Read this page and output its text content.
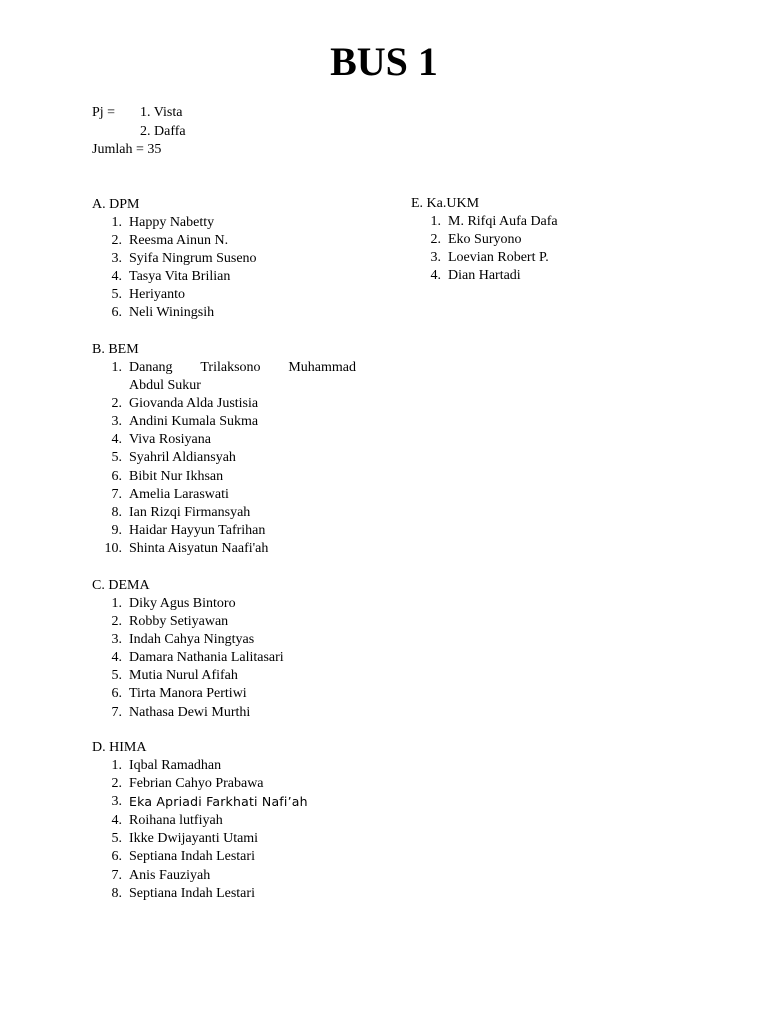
BUS 1
Pj = 1. Vista
2. Daffa
Jumlah = 35
A. DPM
1. Happy Nabetty
2. Reesma Ainun N.
3. Syifa Ningrum Suseno
4. Tasya Vita Brilian
5. Heriyanto
6. Neli Winingsih
B. BEM
1. Danang Trilaksono Muhammad
Abdul Sukur
2. Giovanda Alda Justisia
3. Andini Kumala Sukma
4. Viva Rosiyana
5. Syahril Aldiansyah
6. Bibit Nur Ikhsan
7. Amelia Laraswati
8. Ian Rizqi Firmansyah
9. Haidar Hayyun Tafrihan
10. Shinta Aisyatun Naafi'ah
C. DEMA
1. Diky Agus Bintoro
2. Robby Setiyawan
3. Indah Cahya Ningtyas
4. Damara Nathania Lalitasari
5. Mutia Nurul Afifah
6. Tirta Manora Pertiwi
7. Nathasa Dewi Murthi
D. HIMA
1. Iqbal Ramadhan
2. Febrian Cahyo Prabawa
3. Eka Apriadi Farkhati Nafi’ah
4. Roihana lutfiyah
5. Ikke Dwijayanti Utami
6. Septiana Indah Lestari
7. Anis Fauziyah
8. Septiana Indah Lestari
E. Ka.UKM
1. M. Rifqi Aufa Dafa
2. Eko Suryono
3. Loevian Robert P.
4. Dian Hartadi
